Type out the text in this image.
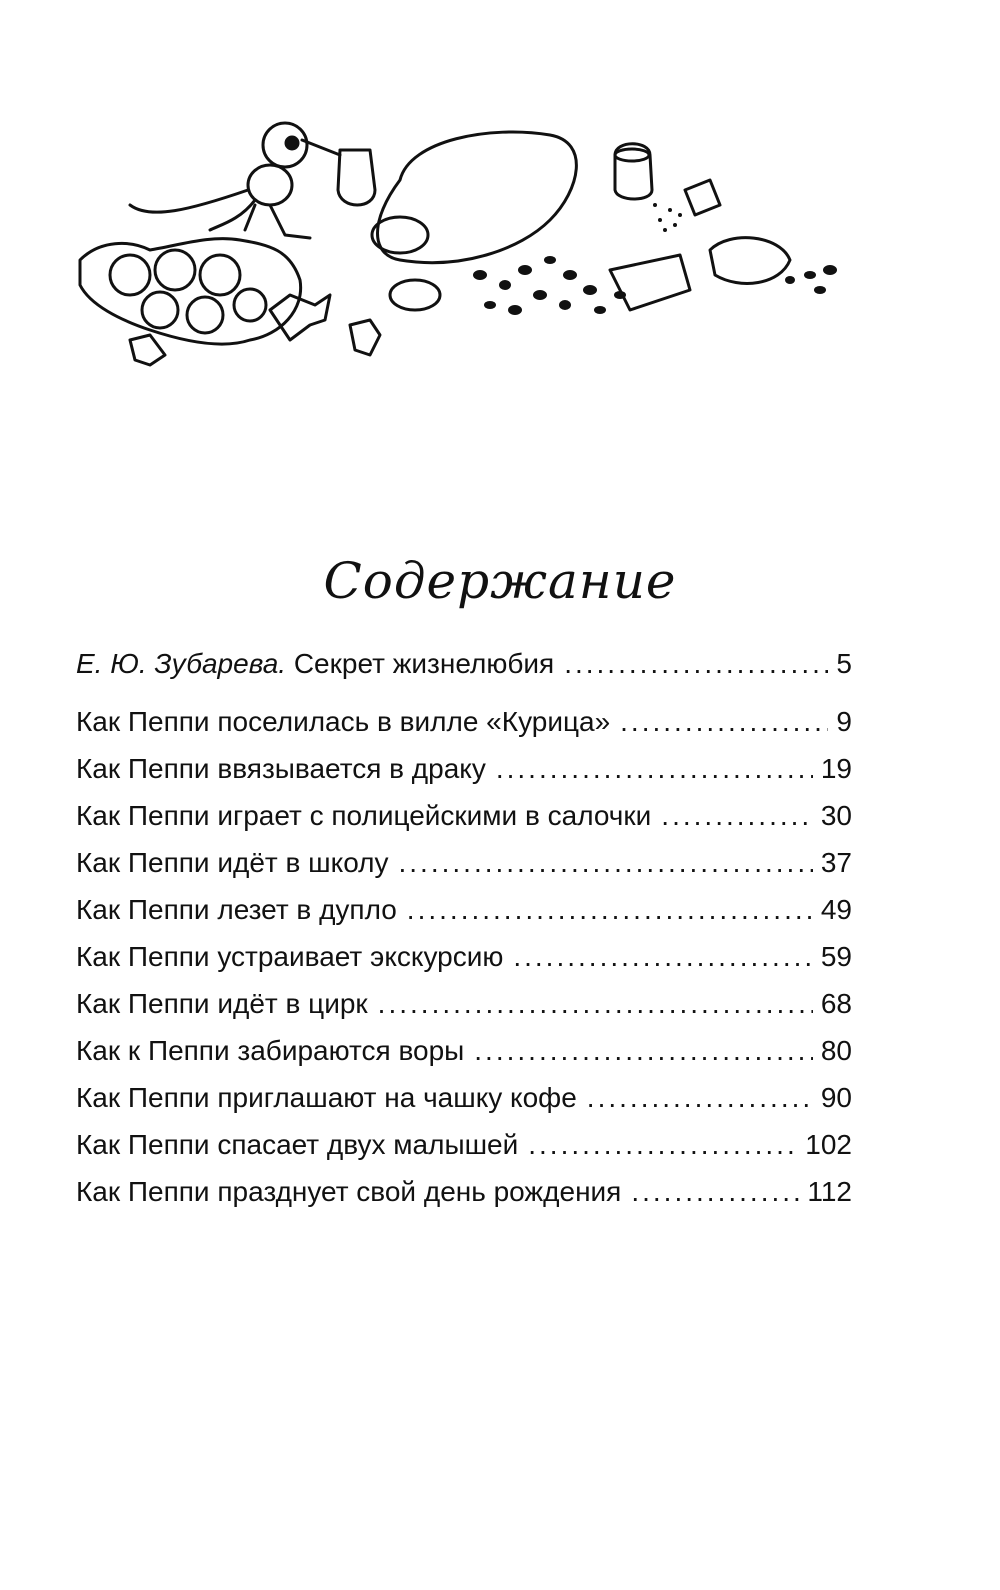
Содержание
Е. Ю. Зубарева. Секрет жизнелюбия .....	5
Как Пеппи поселилась в вилле «Курица» .....	9
Как Пеппи ввязывается в драку .....	19
Как Пеппи играет с полицейскими в салочки .....	30
Как Пеппи идёт в школу .....	37
Как Пеппи лезет в дупло .....	49
Как Пеппи устраивает экскурсию .....	59
Как Пеппи идёт в цирк .....	68
Как к Пеппи забираются воры .....	80
Как Пеппи приглашают на чашку кофе .....	90
Как Пеппи спасает двух малышей .....	102
Как Пеппи празднует свой день рождения .....	112
